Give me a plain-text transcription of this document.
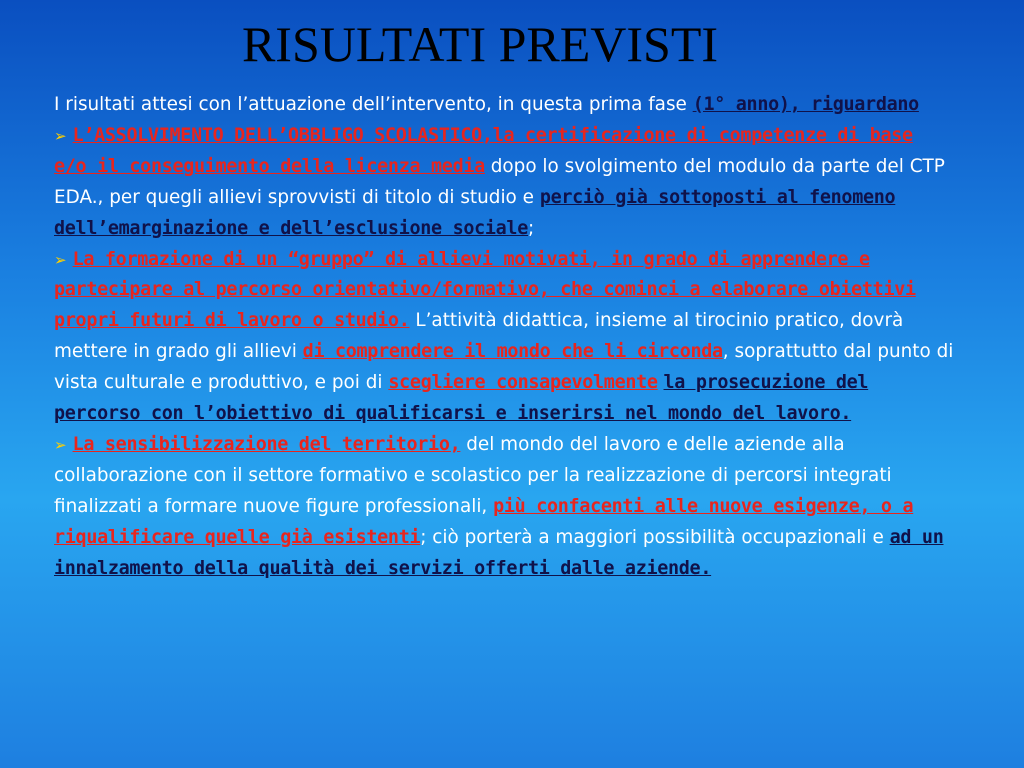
RISULTATI PREVISTI

I risultati attesi con l’attuazione dell’intervento, in questa prima fase (1° anno), riguardano

➢ L’ASSOLVIMENTO DELL’OBBLIGO SCOLASTICO,la certificazione di competenze di base e/o il conseguimento della licenza media dopo lo svolgimento del modulo da parte del CTP EDA., per quegli allievi sprovvisti di titolo di studio e perciò già sottoposti al fenomeno dell’emarginazione e dell’esclusione sociale;

➢ La formazione di un “gruppo” di allievi motivati, in grado di apprendere e partecipare al percorso orientativo/formativo, che cominci a elaborare obiettivi propri futuri di lavoro o studio. L’attività didattica, insieme al tirocinio pratico, dovrà mettere in grado gli allievi di comprendere il mondo che li circonda, soprattutto dal punto di vista culturale e produttivo, e poi di scegliere consapevolmente la prosecuzione del percorso con l’obiettivo di qualificarsi e inserirsi nel mondo del lavoro.

➢ La sensibilizzazione del territorio, del mondo del lavoro e delle aziende alla collaborazione con il settore formativo e scolastico per la realizzazione di percorsi integrati finalizzati a formare nuove figure professionali, più confacenti alle nuove esigenze, o a riqualificare quelle già esistenti; ciò porterà a maggiori possibilità occupazionali e ad un innalzamento della qualità dei servizi offerti dalle aziende.
